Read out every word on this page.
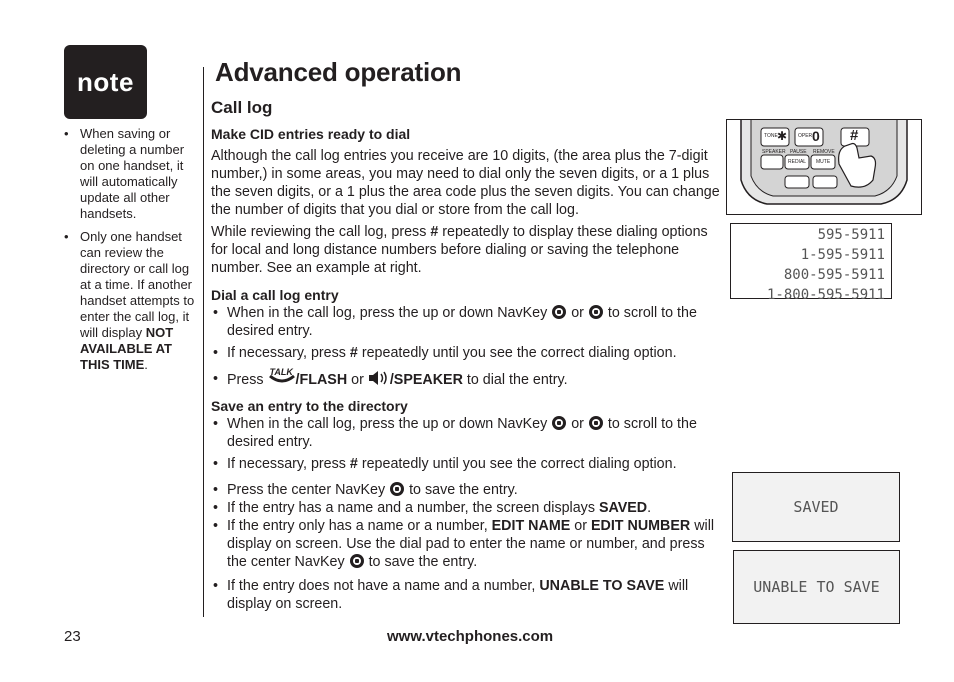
note
• When saving or deleting a number on one handset, it will automatically update all other handsets.
• Only one handset can review the directory or call log at a time. If another handset attempts to enter the call log, it will display NOT AVAILABLE AT THIS TIME.
Advanced operation
Call log

Make CID entries ready to dial

Although the call log entries you receive are 10 digits, (the area plus the 7-digit number,) in some areas, you may need to dial only the seven digits, or a 1 plus the seven digits, or a 1 plus the area code plus the seven digits. You can change the number of digits that you dial or store from the call log.

While reviewing the call log, press # repeatedly to display these dialing options for local and long distance numbers before dialing or saving the telephone number. See an example at right.

Dial a call log entry

• When in the call log, press the up or down NavKey  or  to scroll to the desired entry.
• If necessary, press # repeatedly until you see the correct dialing option.
• Press TALK /FLASH or /SPEAKER to dial the entry.

Save an entry to the directory

• When in the call log, press the up or down NavKey  or  to scroll to the desired entry.
• If necessary, press # repeatedly until you see the correct dialing option.
• Press the center NavKey  to save the entry.
• If the entry has a name and a number, the screen displays SAVED.
• If the entry only has a name or a number, EDIT NAME or EDIT NUMBER will display on screen. Use the dial pad to enter the name or number, and press the center NavKey  to save the entry.
• If the entry does not have a name and a number, UNABLE TO SAVE will display on screen.
TONE ✱ OPER 0 #
SPEAKER PAUSE REMOVE
REDIAL MUTE
595-5911
1-595-5911
800-595-5911
1-800-595-5911
SAVED
UNABLE TO SAVE
23	www.vtechphones.com
